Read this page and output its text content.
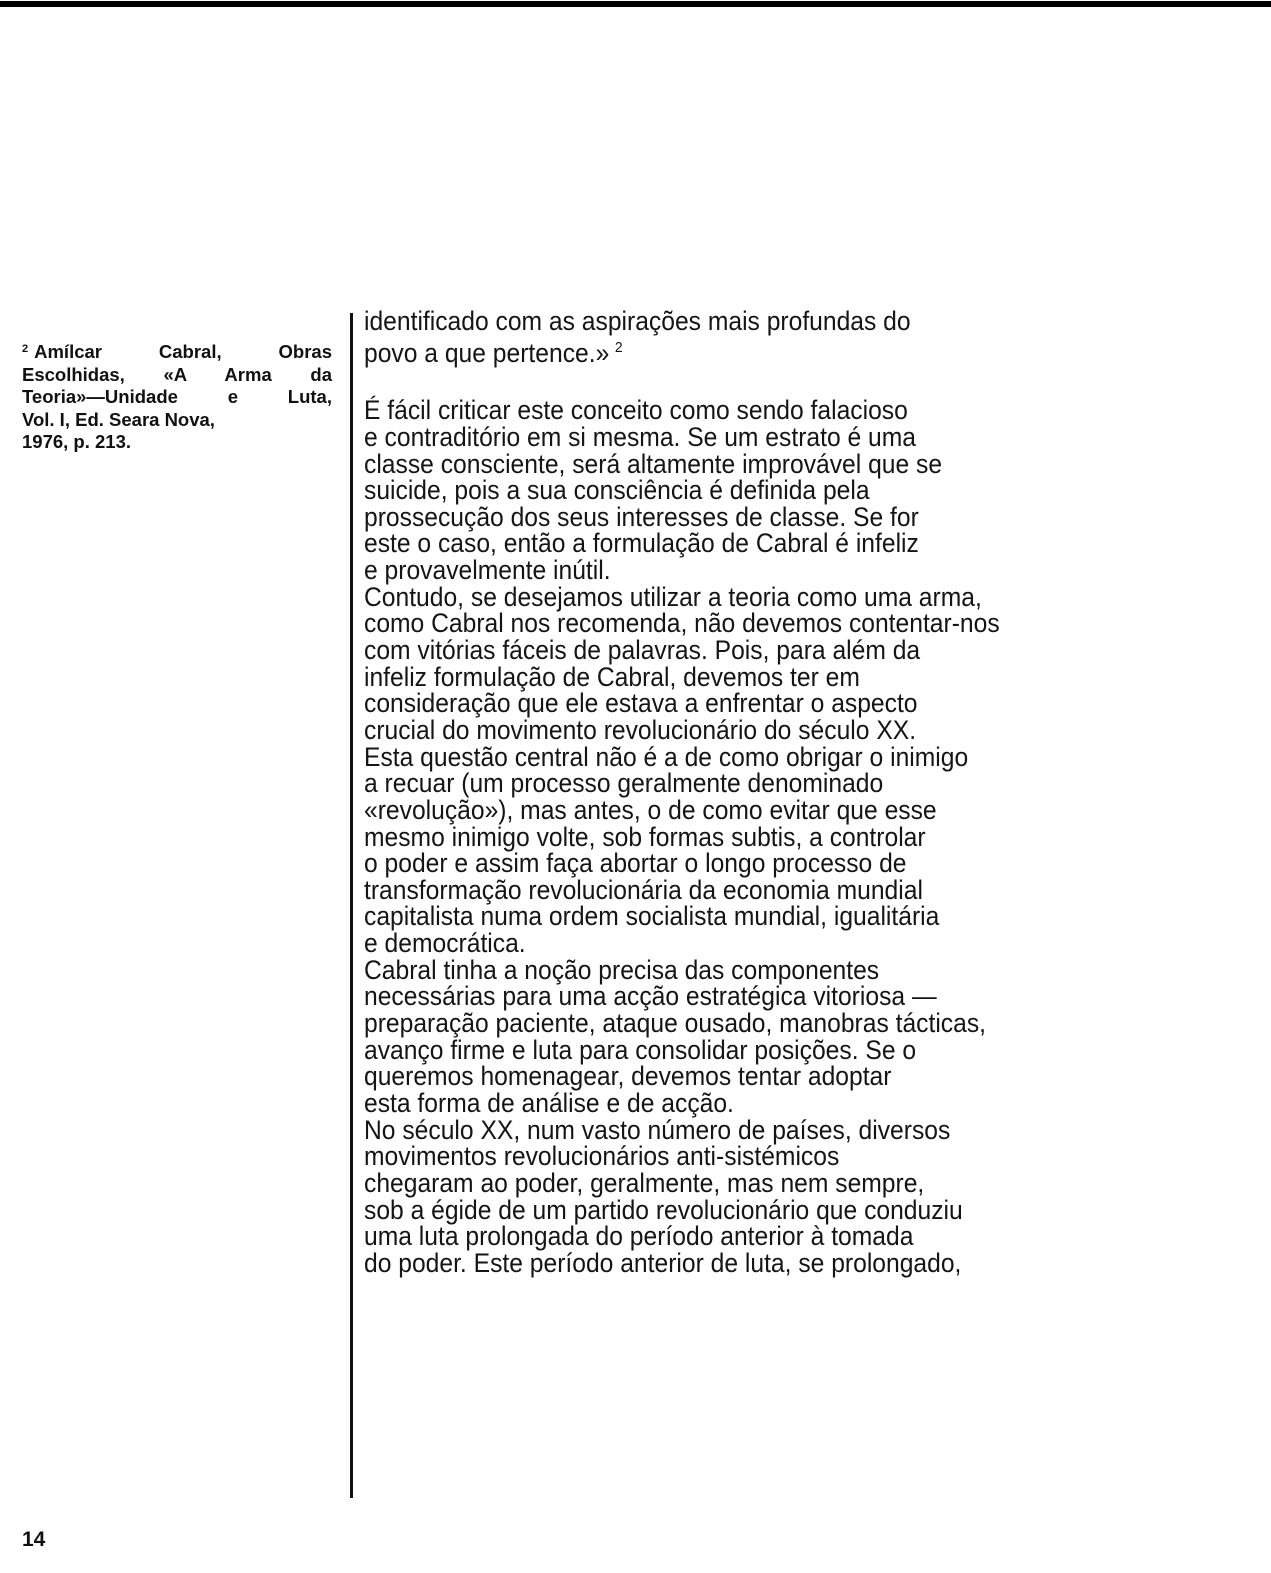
$^2$ Amílcar Cabral, Obras
Escolhidas, «A Arma da
Teoria»—Unidade e Luta,
Vol. I, Ed. Seara Nova,
1976, p. 213.
identificado com as aspirações mais profundas do
povo a que pertence.» $^2$
É fácil criticar este conceito como sendo falacioso
e contraditório em si mesma. Se um estrato é uma
classe consciente, será altamente improvável que se
suicide, pois a sua consciência é definida pela
prossecução dos seus interesses de classe. Se for
este o caso, então a formulação de Cabral é infeliz
e provavelmente inútil.
Contudo, se desejamos utilizar a teoria como uma arma,
como Cabral nos recomenda, não devemos contentar-nos
com vitórias fáceis de palavras. Pois, para além da
infeliz formulação de Cabral, devemos ter em
consideração que ele estava a enfrentar o aspecto
crucial do movimento revolucionário do século XX.
Esta questão central não é a de como obrigar o inimigo
a recuar (um processo geralmente denominado
«revolução»), mas antes, o de como evitar que esse
mesmo inimigo volte, sob formas subtis, a controlar
o poder e assim faça abortar o longo processo de
transformação revolucionária da economia mundial
capitalista numa ordem socialista mundial, igualitária
e democrática.
Cabral tinha a noção precisa das componentes
necessárias para uma acção estratégica vitoriosa —
preparação paciente, ataque ousado, manobras tácticas,
avanço firme e luta para consolidar posições. Se o
queremos homenagear, devemos tentar adoptar
esta forma de análise e de acção.
No século XX, num vasto número de países, diversos
movimentos revolucionários anti-sistémicos
chegaram ao poder, geralmente, mas nem sempre,
sob a égide de um partido revolucionário que conduziu
uma luta prolongada do período anterior à tomada
do poder. Este período anterior de luta, se prolongado,
14
